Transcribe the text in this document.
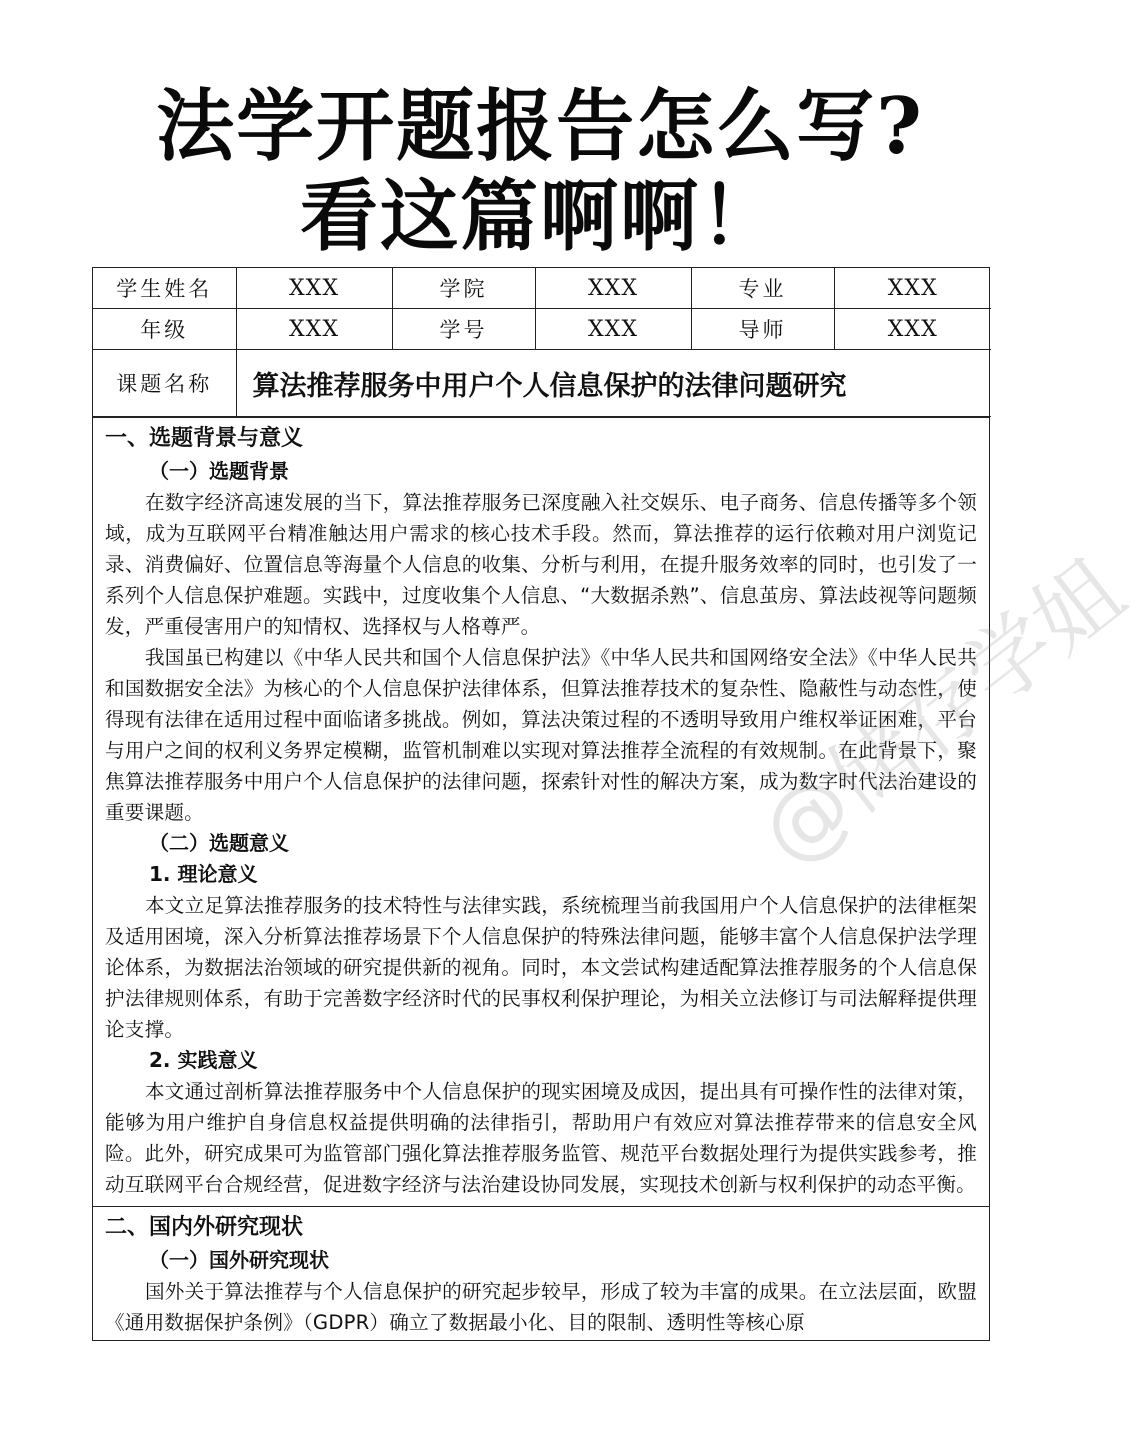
法学开题报告怎么写?
看这篇啊啊！
学生姓名	XXX	学院	XXX	专业	XXX
年级	XXX	学号	XXX	导师	XXX
课题名称	算法推荐服务中用户个人信息保护的法律问题研究				
一、选题背景与意义
（一）选题背景

在数字经济高速发展的当下，算法推荐服务已深度融入社交娱乐、电子商务、信息传播等多个领域，成为互联网平台精准触达用户需求的核心技术手段。然而，算法推荐的运行依赖对用户浏览记录、消费偏好、位置信息等海量个人信息的收集、分析与利用，在提升服务效率的同时，也引发了一系列个人信息保护难题。实践中，过度收集个人信息、“大数据杀熟”、信息茧房、算法歧视等问题频发，严重侵害用户的知情权、选择权与人格尊严。

我国虽已构建以《中华人民共和国个人信息保护法》《中华人民共和国网络安全法》《中华人民共和国数据安全法》为核心的个人信息保护法律体系，但算法推荐技术的复杂性、隐蔽性与动态性，使得现有法律在适用过程中面临诸多挑战。例如，算法决策过程的不透明导致用户维权举证困难，平台与用户之间的权利义务界定模糊，监管机制难以实现对算法推荐全流程的有效规制。在此背景下，聚焦算法推荐服务中用户个人信息保护的法律问题，探索针对性的解决方案，成为数字时代法治建设的重要课题。

（二）选题意义
1. 理论意义

本文立足算法推荐服务的技术特性与法律实践，系统梳理当前我国用户个人信息保护的法律框架及适用困境，深入分析算法推荐场景下个人信息保护的特殊法律问题，能够丰富个人信息保护法学理论体系，为数据法治领域的研究提供新的视角。同时，本文尝试构建适配算法推荐服务的个人信息保护法律规则体系，有助于完善数字经济时代的民事权利保护理论，为相关立法修订与司法解释提供理论支撑。

2. 实践意义

本文通过剖析算法推荐服务中个人信息保护的现实困境及成因，提出具有可操作性的法律对策，能够为用户维护自身信息权益提供明确的法律指引，帮助用户有效应对算法推荐带来的信息安全风险。此外，研究成果可为监管部门强化算法推荐服务监管、规范平台数据处理行为提供实践参考，推动互联网平台合规经营，促进数字经济与法治建设协同发展，实现技术创新与权利保护的动态平衡。

二、国内外研究现状
（一）国外研究现状

国外关于算法推荐与个人信息保护的研究起步较早，形成了较为丰富的成果。在立法层面，欧盟《通用数据保护条例》（GDPR）确立了数据最小化、目的限制、透明性等核心原

@储存学姐
